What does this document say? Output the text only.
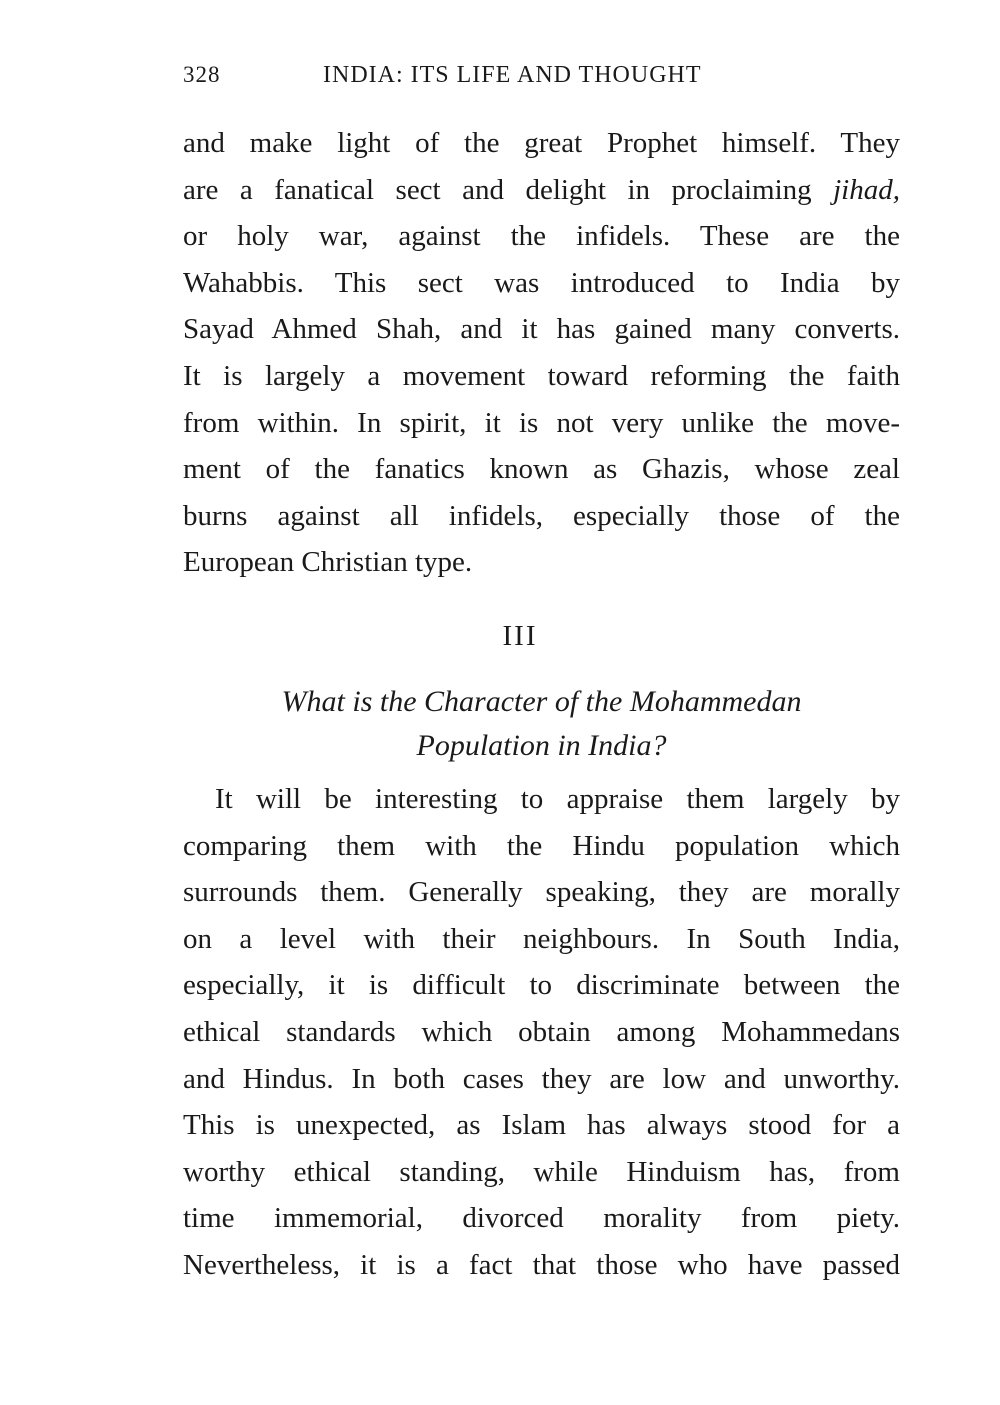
328	INDIA: ITS LIFE AND THOUGHT
and make light of the great Prophet himself. They
are a fanatical sect and delight in proclaiming jihad,
or holy war, against the infidels. These are the
Wahabbis. This sect was introduced to India by
Sayad Ahmed Shah, and it has gained many converts.
It is largely a movement toward reforming the faith
from within. In spirit, it is not very unlike the move-
ment of the fanatics known as Ghazis, whose zeal
burns against all infidels, especially those of the
European Christian type.
III
What is the Character of the Mohammedan
Population in India?
It will be interesting to appraise them largely by
comparing them with the Hindu population which
surrounds them. Generally speaking, they are morally
on a level with their neighbours. In South India,
especially, it is difficult to discriminate between the
ethical standards which obtain among Mohammedans
and Hindus. In both cases they are low and unworthy.
This is unexpected, as Islam has always stood for a
worthy ethical standing, while Hinduism has, from
time immemorial, divorced morality from piety.
Nevertheless, it is a fact that those who have passed
